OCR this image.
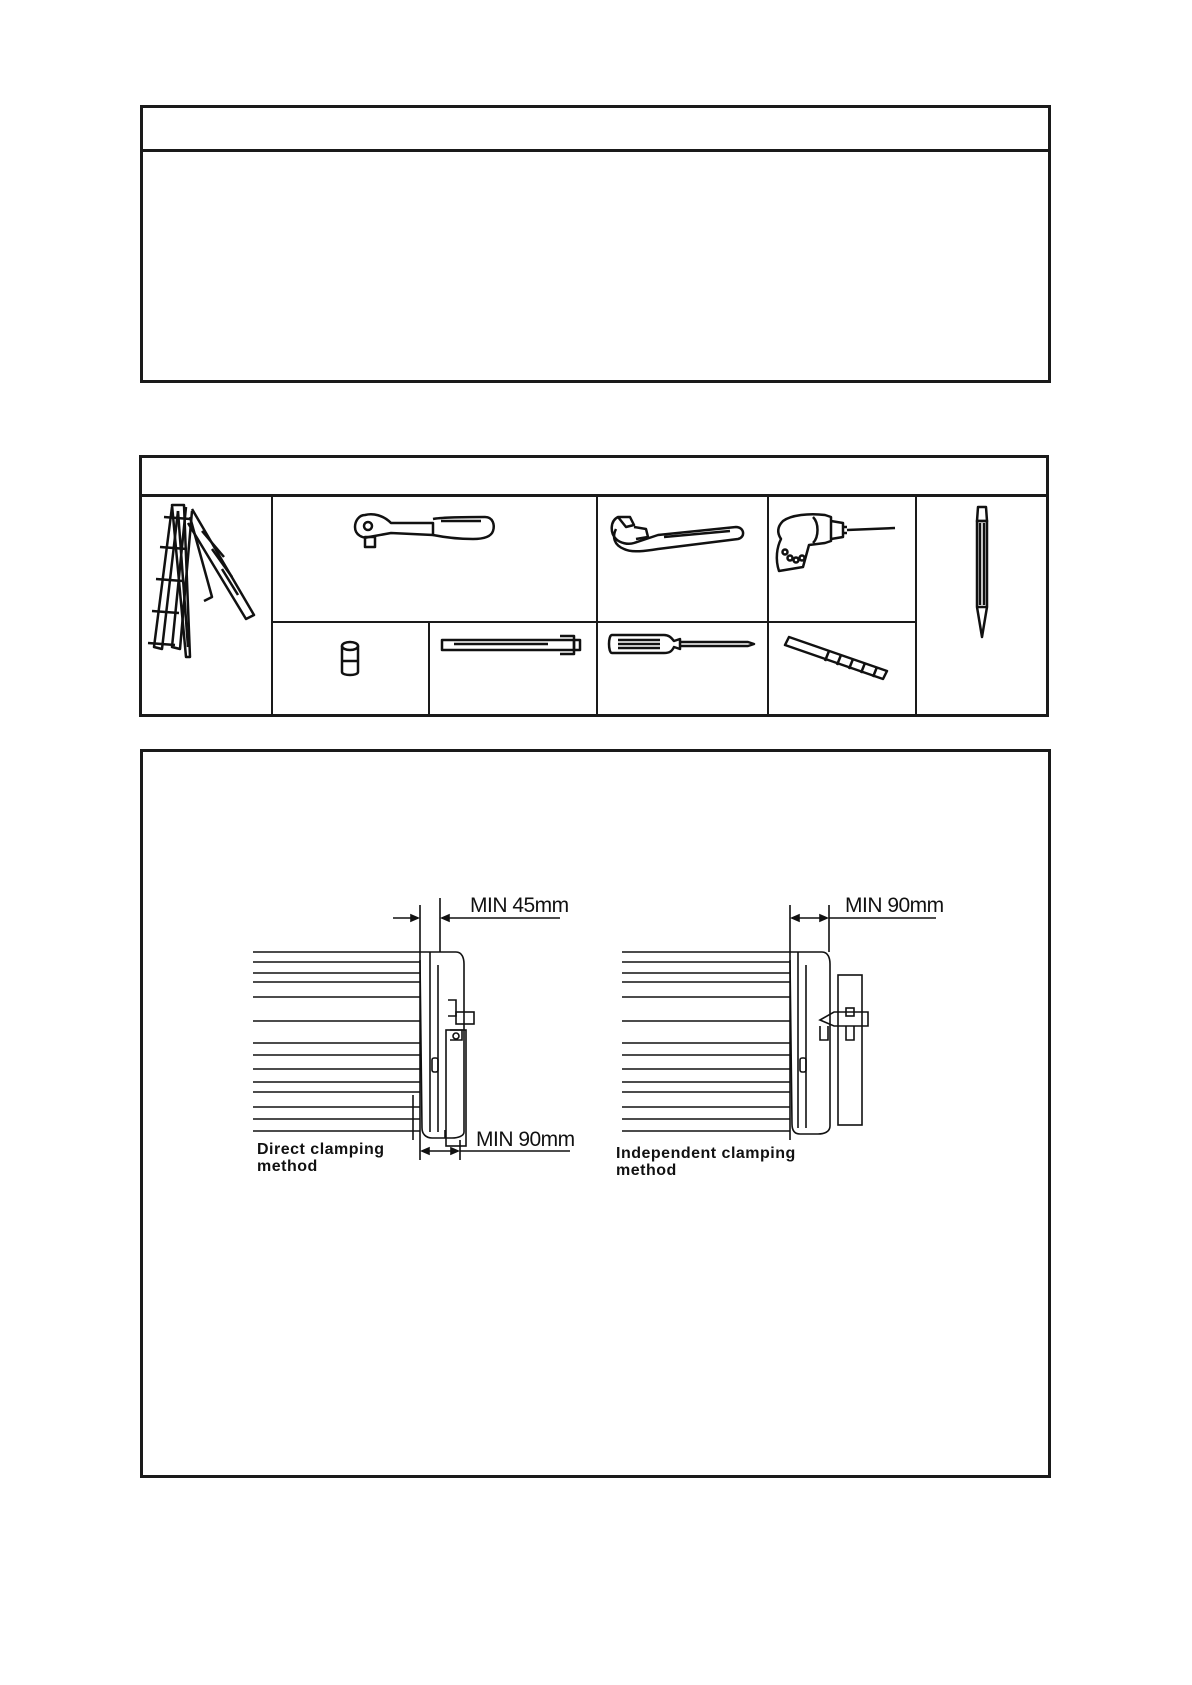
MIN 45mm
MIN 90mm
MIN 90mm
Direct clamping
method
Independent clamping
method
